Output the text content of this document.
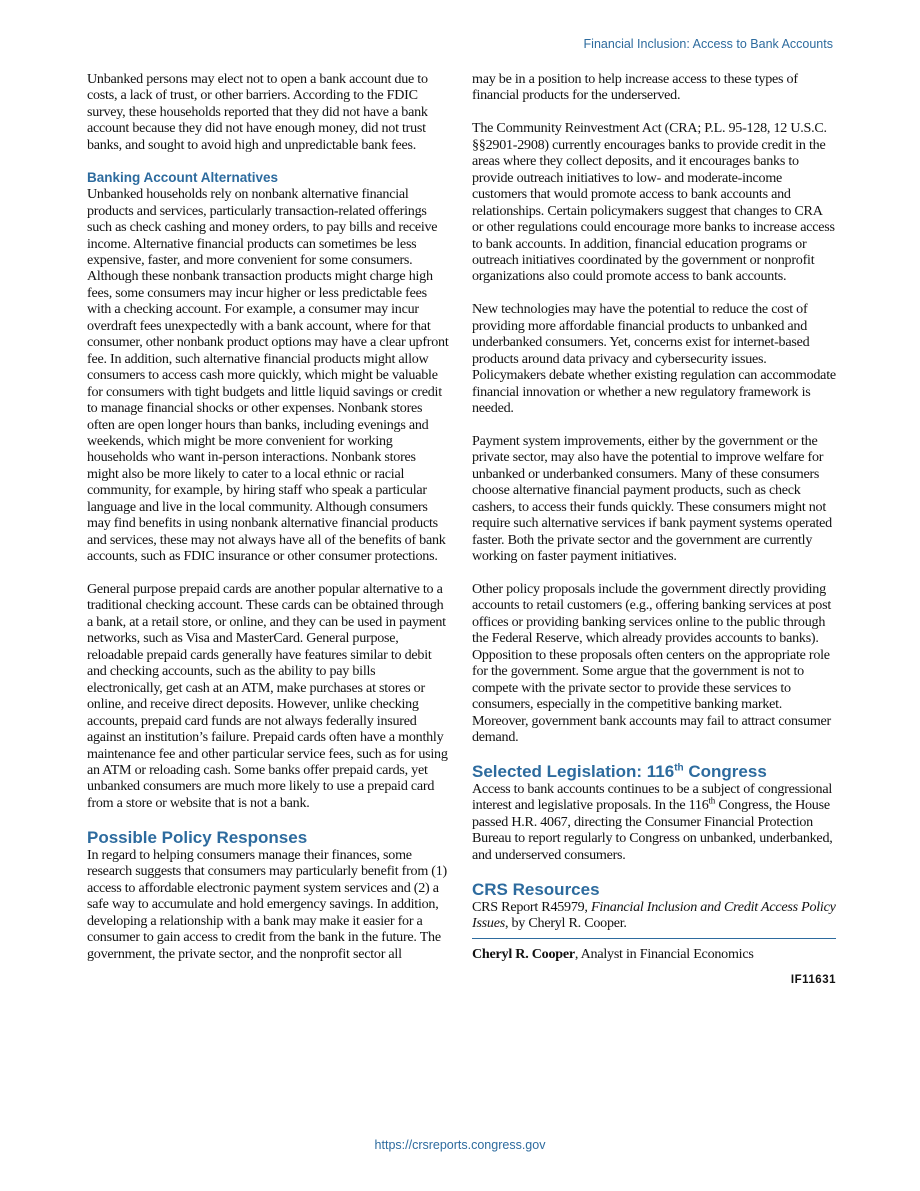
Financial Inclusion: Access to Bank Accounts

Unbanked persons may elect not to open a bank account due to costs, a lack of trust, or other barriers. According to the FDIC survey, these households reported that they did not have a bank account because they did not have enough money, did not trust banks, and sought to avoid high and unpredictable bank fees.

Banking Account Alternatives

Unbanked households rely on nonbank alternative financial products and services, particularly transaction-related offerings such as check cashing and money orders, to pay bills and receive income. Alternative financial products can sometimes be less expensive, faster, and more convenient for some consumers. Although these nonbank transaction products might charge high fees, some consumers may incur higher or less predictable fees with a checking account. For example, a consumer may incur overdraft fees unexpectedly with a bank account, where for that consumer, other nonbank product options may have a clear upfront fee. In addition, such alternative financial products might allow consumers to access cash more quickly, which might be valuable for consumers with tight budgets and little liquid savings or credit to manage financial shocks or other expenses. Nonbank stores often are open longer hours than banks, including evenings and weekends, which might be more convenient for working households who want in-person interactions. Nonbank stores might also be more likely to cater to a local ethnic or racial community, for example, by hiring staff who speak a particular language and live in the local community. Although consumers may find benefits in using nonbank alternative financial products and services, these may not always have all of the benefits of bank accounts, such as FDIC insurance or other consumer protections.

General purpose prepaid cards are another popular alternative to a traditional checking account. These cards can be obtained through a bank, at a retail store, or online, and they can be used in payment networks, such as Visa and MasterCard. General purpose, reloadable prepaid cards generally have features similar to debit and checking accounts, such as the ability to pay bills electronically, get cash at an ATM, make purchases at stores or online, and receive direct deposits. However, unlike checking accounts, prepaid card funds are not always federally insured against an institution’s failure. Prepaid cards often have a monthly maintenance fee and other particular service fees, such as for using an ATM or reloading cash. Some banks offer prepaid cards, yet unbanked consumers are much more likely to use a prepaid card from a store or website that is not a bank.

Possible Policy Responses

In regard to helping consumers manage their finances, some research suggests that consumers may particularly benefit from (1) access to affordable electronic payment system services and (2) a safe way to accumulate and hold emergency savings. In addition, developing a relationship with a bank may make it easier for a consumer to gain access to credit from the bank in the future. The government, the private sector, and the nonprofit sector all

may be in a position to help increase access to these types of financial products for the underserved.

The Community Reinvestment Act (CRA; P.L. 95-128, 12 U.S.C. §§2901-2908) currently encourages banks to provide credit in the areas where they collect deposits, and it encourages banks to provide outreach initiatives to low- and moderate-income customers that would promote access to bank accounts and relationships. Certain policymakers suggest that changes to CRA or other regulations could encourage more banks to increase access to bank accounts. In addition, financial education programs or outreach initiatives coordinated by the government or nonprofit organizations also could promote access to bank accounts.

New technologies may have the potential to reduce the cost of providing more affordable financial products to unbanked and underbanked consumers. Yet, concerns exist for internet-based products around data privacy and cybersecurity issues. Policymakers debate whether existing regulation can accommodate financial innovation or whether a new regulatory framework is needed.

Payment system improvements, either by the government or the private sector, may also have the potential to improve welfare for unbanked or underbanked consumers. Many of these consumers choose alternative financial payment products, such as check cashers, to access their funds quickly. These consumers might not require such alternative services if bank payment systems operated faster. Both the private sector and the government are currently working on faster payment initiatives.

Other policy proposals include the government directly providing accounts to retail customers (e.g., offering banking services at post offices or providing banking services online to the public through the Federal Reserve, which already provides accounts to banks). Opposition to these proposals often centers on the appropriate role for the government. Some argue that the government is not to compete with the private sector to provide these services to consumers, especially in the competitive banking market. Moreover, government bank accounts may fail to attract consumer demand.

Selected Legislation: 116th Congress

Access to bank accounts continues to be a subject of congressional interest and legislative proposals. In the 116th Congress, the House passed H.R. 4067, directing the Consumer Financial Protection Bureau to report regularly to Congress on unbanked, underbanked, and underserved consumers.

CRS Resources

CRS Report R45979, Financial Inclusion and Credit Access Policy Issues, by Cheryl R. Cooper.

Cheryl R. Cooper, Analyst in Financial Economics
IF11631
https://crsreports.congress.gov
